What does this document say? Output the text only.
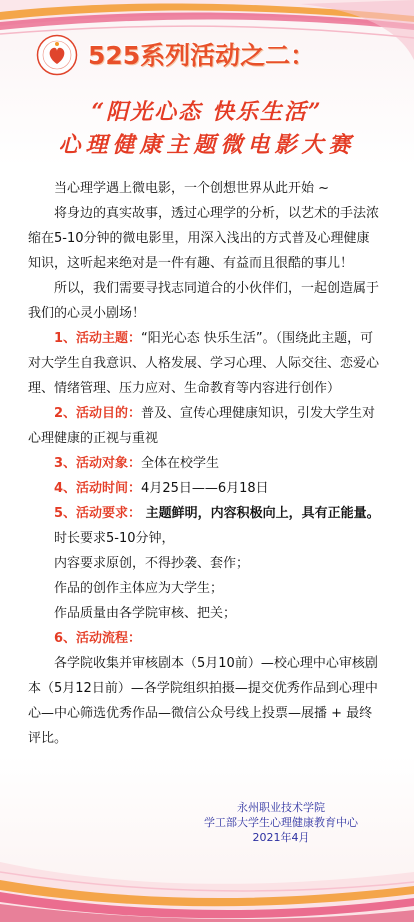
525系列活动之二：
“阳光心态 快乐生活”
心理健康主题微电影大赛

当心理学遇上微电影，一个创想世界从此开始 ~

将身边的真实故事，透过心理学的分析，以艺术的手法浓缩在5-10分钟的微电影里，用深入浅出的方式普及心理健康知识，这听起来绝对是一件有趣、有益而且很酷的事儿！

所以，我们需要寻找志同道合的小伙伴们，一起创造属于我们的心灵小剧场！

1、活动主题：“阳光心态 快乐生活”。（围绕此主题，可对大学生自我意识、人格发展、学习心理、人际交往、恋爱心理、情绪管理、压力应对、生命教育等内容进行创作）

2、活动目的：普及、宣传心理健康知识，引发大学生对心理健康的正视与重视

3、活动对象：全体在校学生

4、活动时间：4月25日——6月18日

5、活动要求： 主题鲜明，内容积极向上，具有正能量。

时长要求5-10分钟，

内容要求原创，不得抄袭、套作；

作品的创作主体应为大学生；

作品质量由各学院审核、把关；

6、活动流程：

各学院收集并审核剧本（5月10前）—校心理中心审核剧本（5月12日前）—各学院组织拍摄—提交优秀作品到心理中心—中心筛选优秀作品—微信公众号线上投票—展播 + 最终评比。

永州职业技术学院
学工部大学生心理健康教育中心
2021年4月
